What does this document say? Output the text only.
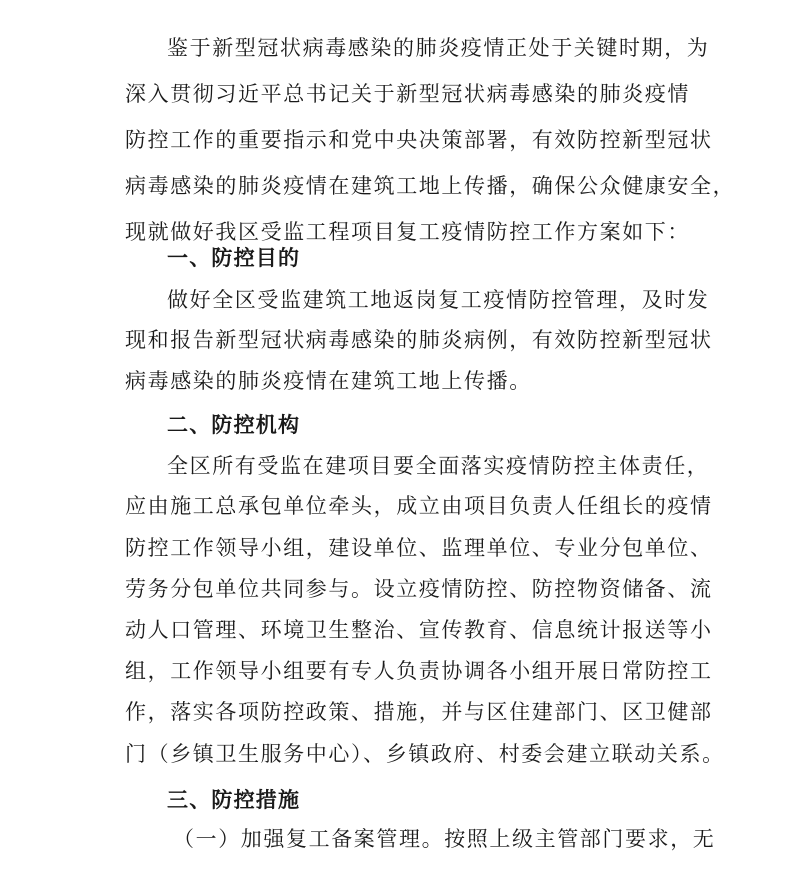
鉴于新型冠状病毒感染的肺炎疫情正处于关键时期，为
深入贯彻习近平总书记关于新型冠状病毒感染的肺炎疫情
防控工作的重要指示和党中央决策部署，有效防控新型冠状
病毒感染的肺炎疫情在建筑工地上传播，确保公众健康安全，
现就做好我区受监工程项目复工疫情防控工作方案如下：
一、防控目的
做好全区受监建筑工地返岗复工疫情防控管理，及时发
现和报告新型冠状病毒感染的肺炎病例，有效防控新型冠状
病毒感染的肺炎疫情在建筑工地上传播。
二、防控机构
全区所有受监在建项目要全面落实疫情防控主体责任，
应由施工总承包单位牵头，成立由项目负责人任组长的疫情
防控工作领导小组，建设单位、监理单位、专业分包单位、
劳务分包单位共同参与。设立疫情防控、防控物资储备、流
动人口管理、环境卫生整治、宣传教育、信息统计报送等小
组，工作领导小组要有专人负责协调各小组开展日常防控工
作，落实各项防控政策、措施，并与区住建部门、区卫健部
门（乡镇卫生服务中心）、乡镇政府、村委会建立联动关系。
三、防控措施
（一）加强复工备案管理。按照上级主管部门要求，无
